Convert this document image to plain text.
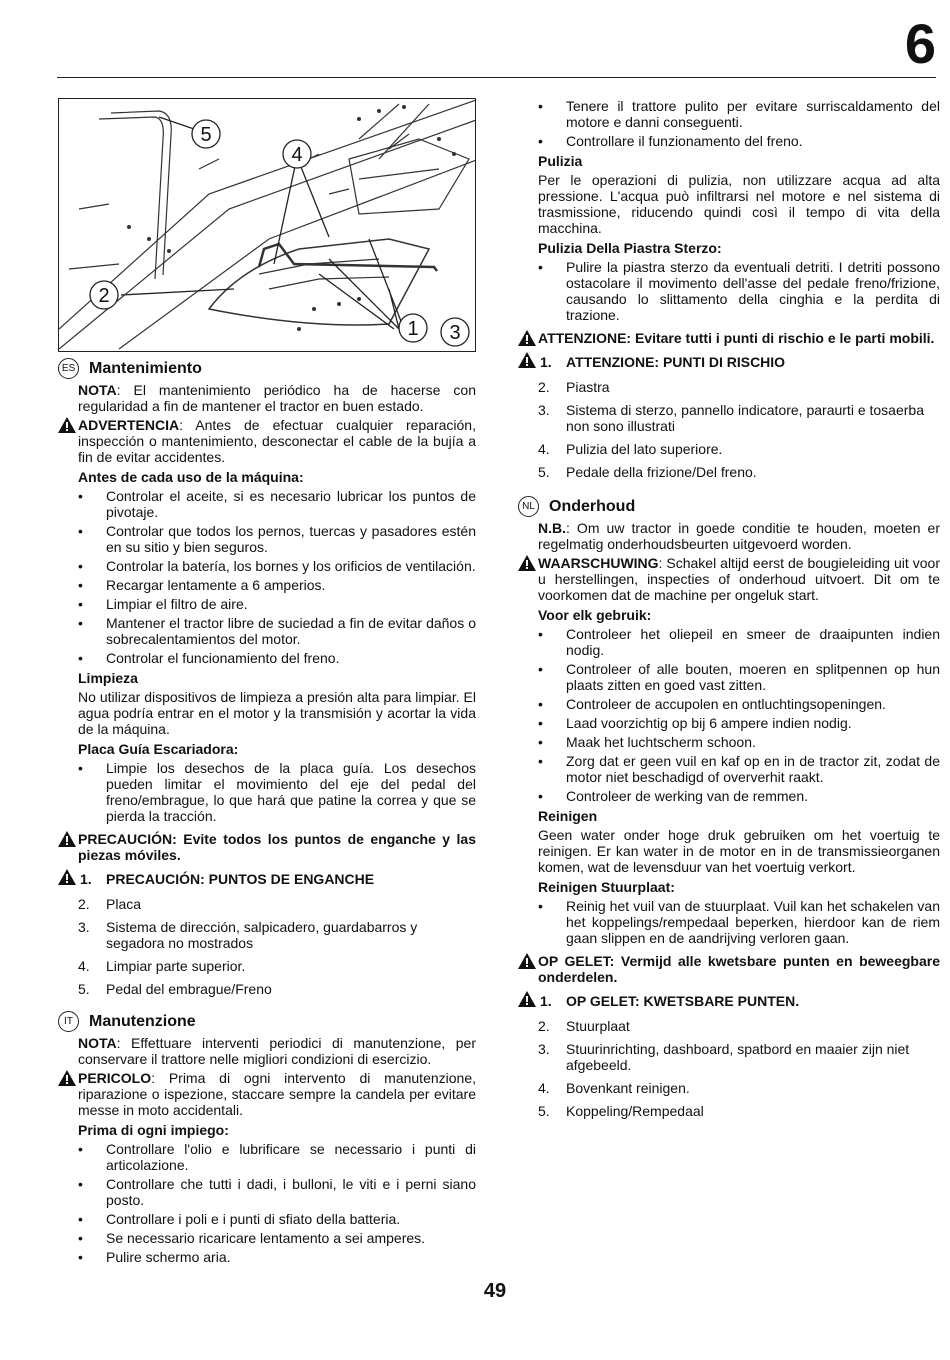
6
5
4
2
1 3
ES Mantenimiento

NOTA: El mantenimiento periódico ha de hacerse con regularidad a fin de mantener el tractor en buen estado.

ADVERTENCIA: Antes de efectuar cualquier reparación, inspección o mantenimiento, desconectar el cable de la bujía a fin de evitar accidentes.
Antes de cada uso de la máquina:
• Controlar el aceite, si es necesario lubricar los puntos de pivotaje.
• Controlar que todos los pernos, tuercas y pasadores estén en su sitio y bien seguros.
• Controlar la batería, los bornes y los orificios de ventilación.
• Recargar lentamente a 6 amperios.
• Limpiar el filtro de aire.
• Mantener el tractor libre de suciedad a fin de evitar daños o sobrecalentamientos del motor.
• Controlar el funcionamiento del freno.
Limpieza

No utilizar dispositivos de limpieza a presión alta para limpiar. El agua podría entrar en el motor y la transmisión y acortar la vida de la máquina.

Placa Guía Escariadora:
• Limpie los desechos de la placa guía. Los desechos pueden limitar el movimiento del eje del pedal del freno/embrague, lo que hará que patine la correa y que se pierda la tracción.
PRECAUCIÓN: Evite todos los puntos de enganche y las piezas móviles.
1. PRECAUCIÓN: PUNTOS DE ENGANCHE
2. Placa
3. Sistema de dirección, salpicadero, guardabarros y segadora no mostrados
4. Limpiar parte superior.
5. Pedal del embrague/Freno
IT	Manutenzione

NOTA: Effettuare interventi periodici di manutenzione, per conservare il trattore nelle migliori condizioni di esercizio.

PERICOLO: Prima di ogni intervento di manutenzione, riparazione o ispezione, staccare sempre la candela per evitare messe in moto accidentali.
Prima di ogni impiego:
• Controllare l'olio e lubrificare se necessario i punti di articolazione.
• Controllare che tutti i dadi, i bulloni, le viti e i perni siano posto.
• Controllare i poli e i punti di sfiato della batteria.
• Se necessario ricaricare lentamento a sei amperes.
• Pulire schermo aria.
• Tenere il trattore pulito per evitare surriscaldamento del motore e danni conseguenti.
• Controllare il funzionamento del freno.
Pulizia

Per le operazioni di pulizia, non utilizzare acqua ad alta pressione. L'acqua può infiltrarsi nel motore e nel sistema di trasmissione, riducendo quindi così il tempo di vita della macchina.

Pulizia Della Piastra Sterzo:
• Pulire la piastra sterzo da eventuali detriti. I detriti possono ostacolare il movimento dell'asse del pedale freno/frizione, causando lo slittamento della cinghia e la perdita di trazione.
ATTENZIONE: Evitare tutti i punti di rischio e le parti mobili.
1. ATTENZIONE: PUNTI DI RISCHIO
2. Piastra
3. Sistema di sterzo, pannello indicatore, paraurti e tosaerba non sono illustrati
4. Pulizia del lato superiore.
5. Pedale della frizione/Del freno.
NL Onderhoud

N.B.: Om uw tractor in goede conditie te houden, moeten er regelmatig onderhoudsbeurten uitgevoerd worden.

WAARSCHUWING: Schakel altijd eerst de bougieleiding uit voor u herstellingen, inspecties of onderhoud uitvoert. Dit om te voorkomen dat de machine per ongeluk start.
Voor elk gebruik:
• Controleer het oliepeil en smeer de draaipunten indien nodig.
• Controleer of alle bouten, moeren en splitpennen op hun plaats zitten en goed vast zitten.
• Controleer de accupolen en ontluchtingsopeningen.
• Laad voorzichtig op bij 6 ampere indien nodig.
• Maak het luchtscherm schoon.
• Zorg dat er geen vuil en kaf op en in de tractor zit, zodat de motor niet beschadigd of oververhit raakt.
• Controleer de werking van de remmen.
Reinigen

Geen water onder hoge druk gebruiken om het voertuig te reinigen. Er kan water in de motor en in de transmissieorganen komen, wat de levensduur van het voertuig verkort.

Reinigen Stuurplaat:
• Reinig het vuil van de stuurplaat. Vuil kan het schakelen van het koppelings/rempedaal beperken, hierdoor kan de riem gaan slippen en de aandrijving verloren gaan.
OP GELET: Vermijd alle kwetsbare punten en beweegbare onderdelen.
1. OP GELET: KWETSBARE PUNTEN.
2. Stuurplaat
3. Stuurinrichting, dashboard, spatbord en maaier zijn niet afgebeeld.
4. Bovenkant reinigen.
5. Koppeling/Rempedaal
49
